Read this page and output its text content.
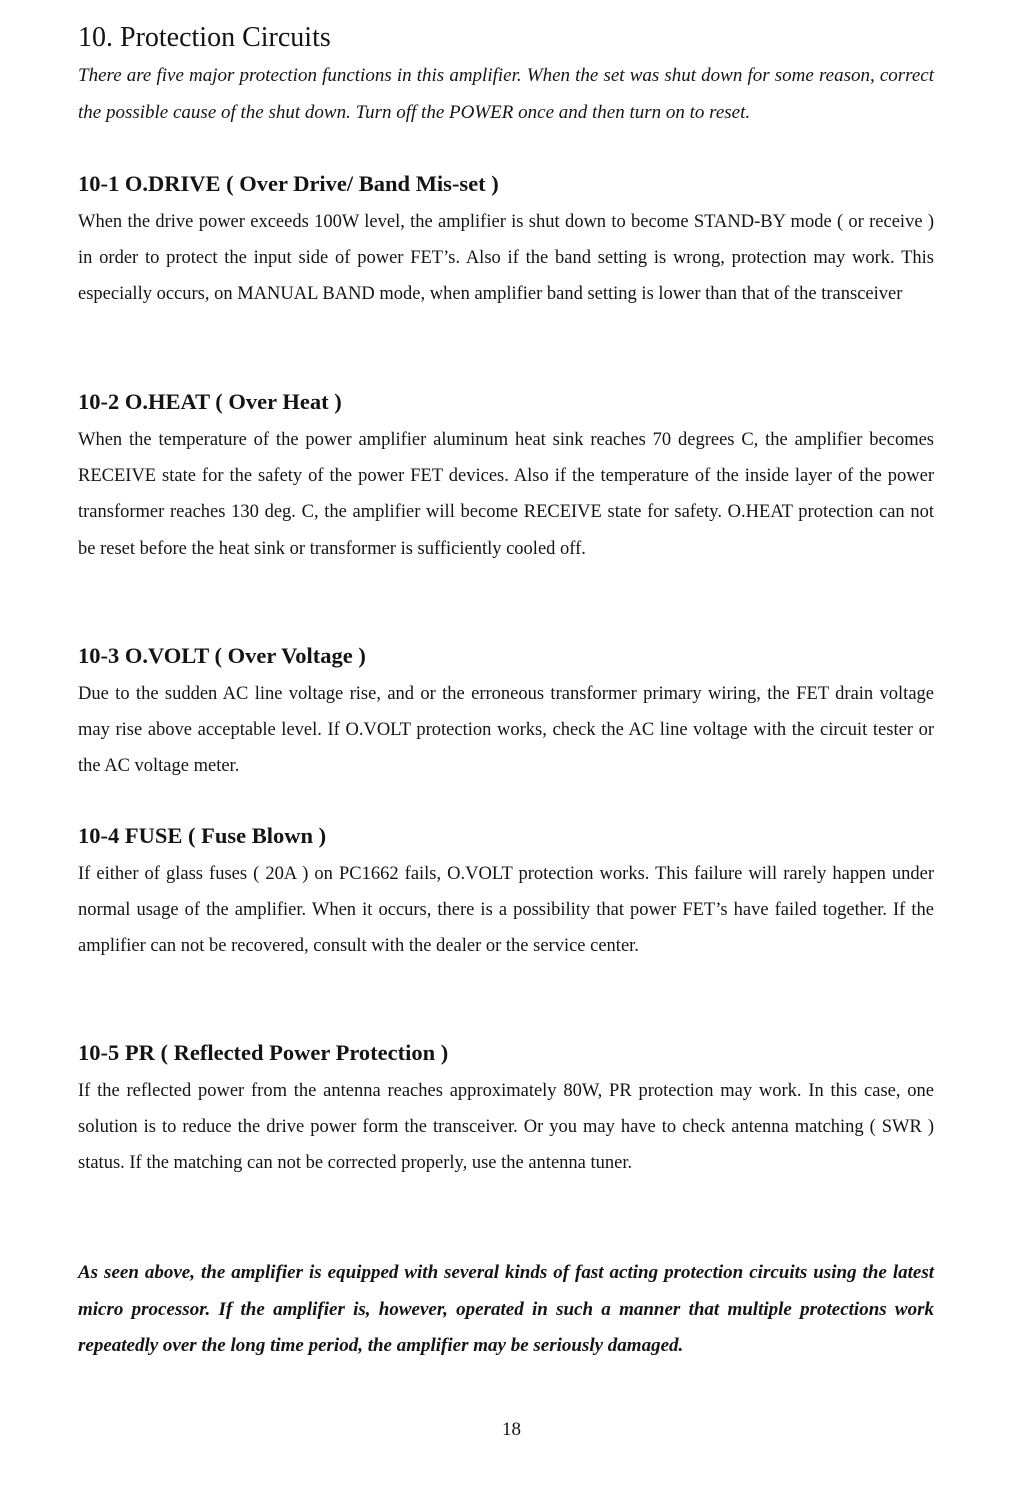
10. Protection Circuits

There are five major protection functions in this amplifier. When the set was shut down for some reason, correct the possible cause of the shut down. Turn off the POWER once and then turn on to reset.

10-1 O.DRIVE ( Over Drive/ Band Mis-set )

When the drive power exceeds 100W level, the amplifier is shut down to become STAND-BY mode ( or receive ) in order to protect the input side of power FET’s. Also if the band setting is wrong, protection may work. This especially occurs, on MANUAL BAND mode, when amplifier band setting is lower than that of the transceiver

10-2 O.HEAT ( Over Heat )

When the temperature of the power amplifier aluminum heat sink reaches 70 degrees C, the amplifier becomes RECEIVE state for the safety of the power FET devices. Also if the temperature of the inside layer of the power transformer reaches 130 deg. C, the amplifier will become RECEIVE state for safety. O.HEAT protection can not be reset before the heat sink or transformer is sufficiently cooled off.

10-3 O.VOLT ( Over Voltage )

Due to the sudden AC line voltage rise, and or the erroneous transformer primary wiring, the FET drain voltage may rise above acceptable level. If O.VOLT protection works, check the AC line voltage with the circuit tester or the AC voltage meter.

10-4 FUSE ( Fuse Blown )

If either of glass fuses ( 20A ) on PC1662 fails, O.VOLT protection works. This failure will rarely happen under normal usage of the amplifier. When it occurs, there is a possibility that power FET’s have failed together. If the amplifier can not be recovered, consult with the dealer or the service center.

10-5 PR ( Reflected Power Protection )

If the reflected power from the antenna reaches approximately 80W, PR protection may work. In this case, one solution is to reduce the drive power form the transceiver. Or you may have to check antenna matching ( SWR ) status. If the matching can not be corrected properly, use the antenna tuner.

As seen above, the amplifier is equipped with several kinds of fast acting protection circuits using the latest micro processor. If the amplifier is, however, operated in such a manner that multiple protections work repeatedly over the long time period, the amplifier may be seriously damaged.

18
